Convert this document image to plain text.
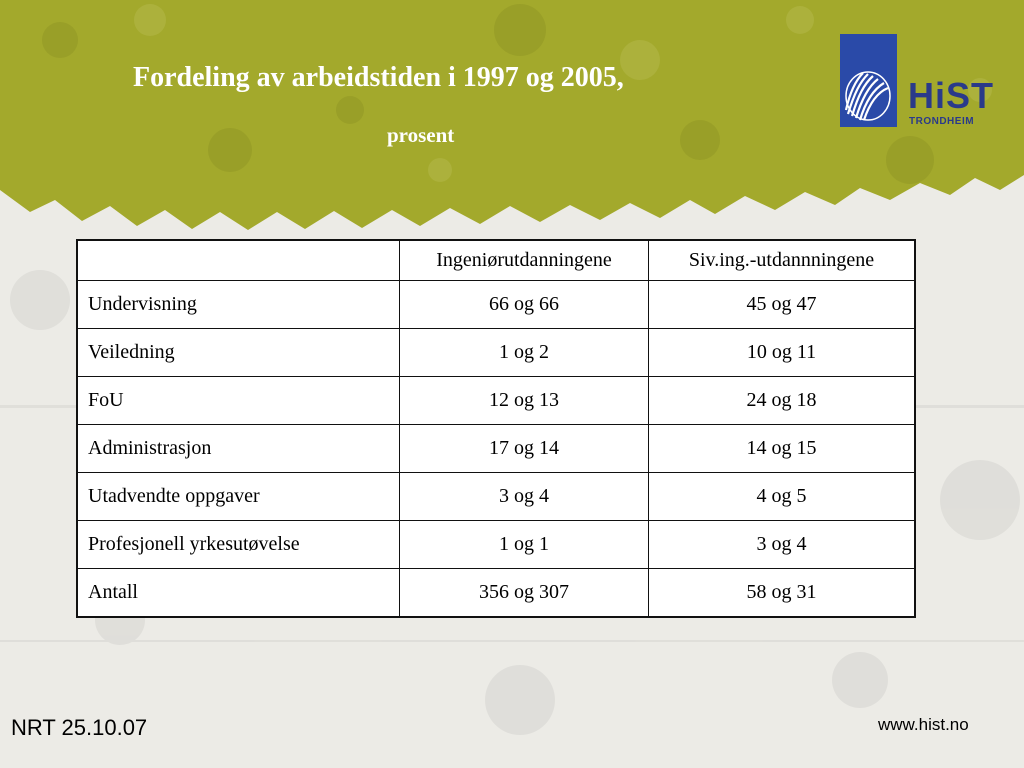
Fordeling av arbeidstiden i 1997 og 2005,
prosent
HiST
TRONDHEIM
	Ingeniørutdanningene	Siv.ing.-utdannningene
Undervisning	66 og 66	45 og 47
Veiledning	1 og 2	10 og 11
FoU	12 og 13	24 og 18
Administrasjon	17 og 14	14 og 15
Utadvendte oppgaver	3 og 4	4 og 5
Profesjonell yrkesutøvelse	1 og 1	3 og 4
Antall	356 og 307	58 og 31
NRT 25.10.07	www.hist.no
